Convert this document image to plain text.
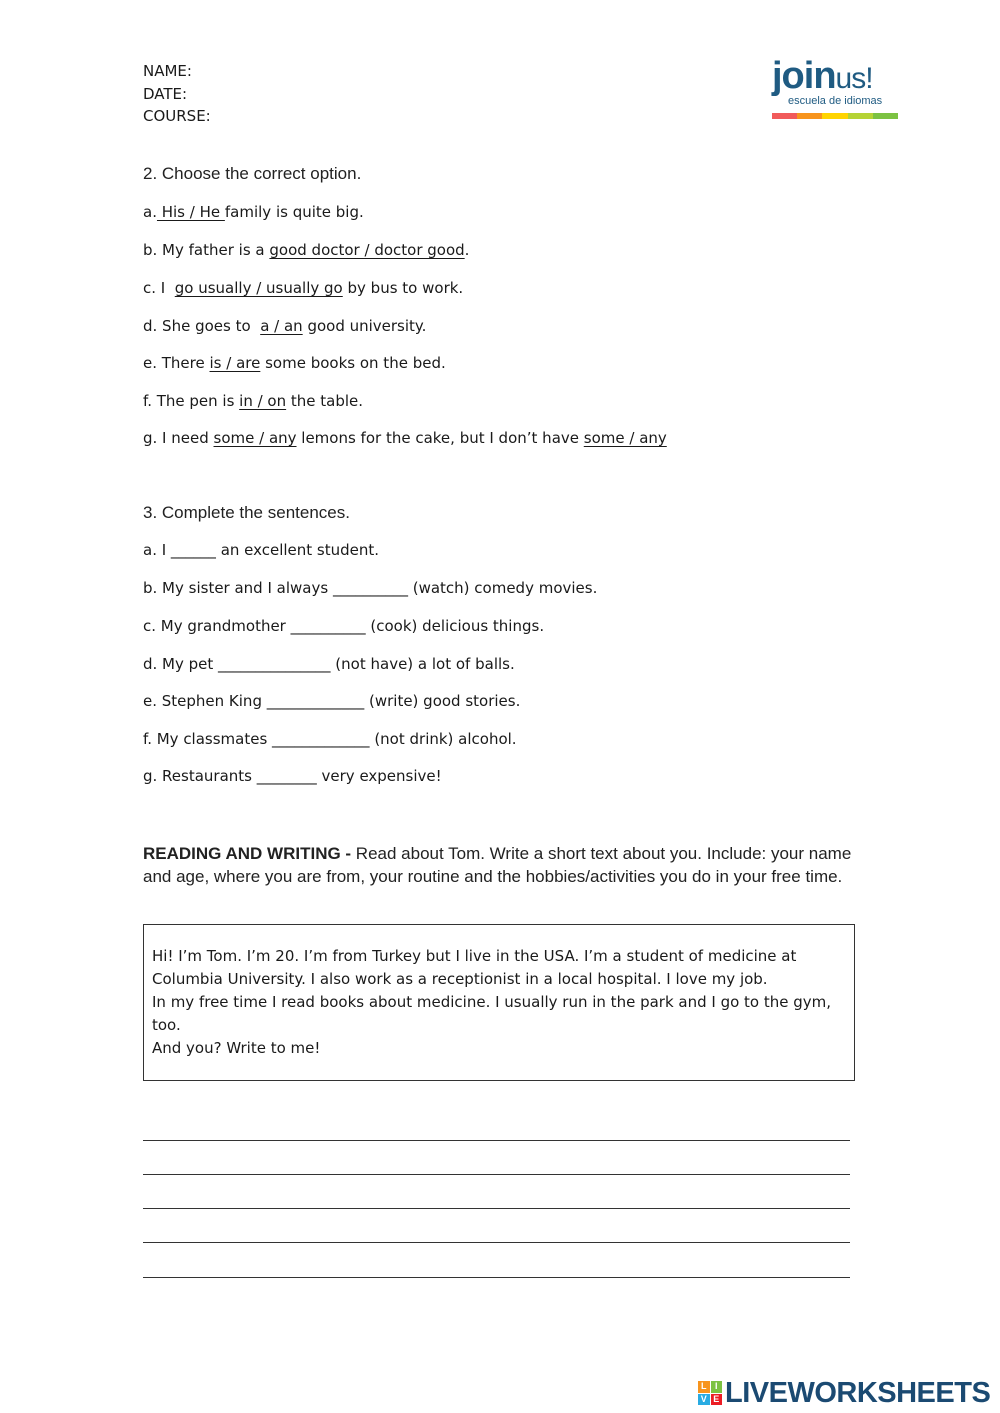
NAME:
DATE:
COURSE:
joinus!
escuela de idiomas
2. Choose the correct option.
a. His / He family is quite big.
b. My father is a good doctor / doctor good.
c. I  go usually / usually go by bus to work.
d. She goes to  a / an good university.
e. There is / are some books on the bed.
f. The pen is in / on the table.
g. I need some / any lemons for the cake, but I don’t have some / any
3. Complete the sentences.
a. I ______ an excellent student.
b. My sister and I always __________ (watch) comedy movies.
c. My grandmother __________ (cook) delicious things.
d. My pet _______________ (not have) a lot of balls.
e. Stephen King _____________ (write) good stories.
f. My classmates _____________ (not drink) alcohol.
g. Restaurants ________ very expensive!
READING AND WRITING - Read about Tom. Write a short text about you. Include: your name and age, where you are from, your routine and the hobbies/activities you do in your free time.

Hi! I’m Tom. I’m 20. I’m from Turkey but I live in the USA. I’m a student of medicine at Columbia University. I also work as a receptionist in a local hospital. I love my job.

In my free time I read books about medicine. I usually run in the park and I go to the gym, too.

And you? Write to me!

L I
V E LIVEWORKSHEETS
